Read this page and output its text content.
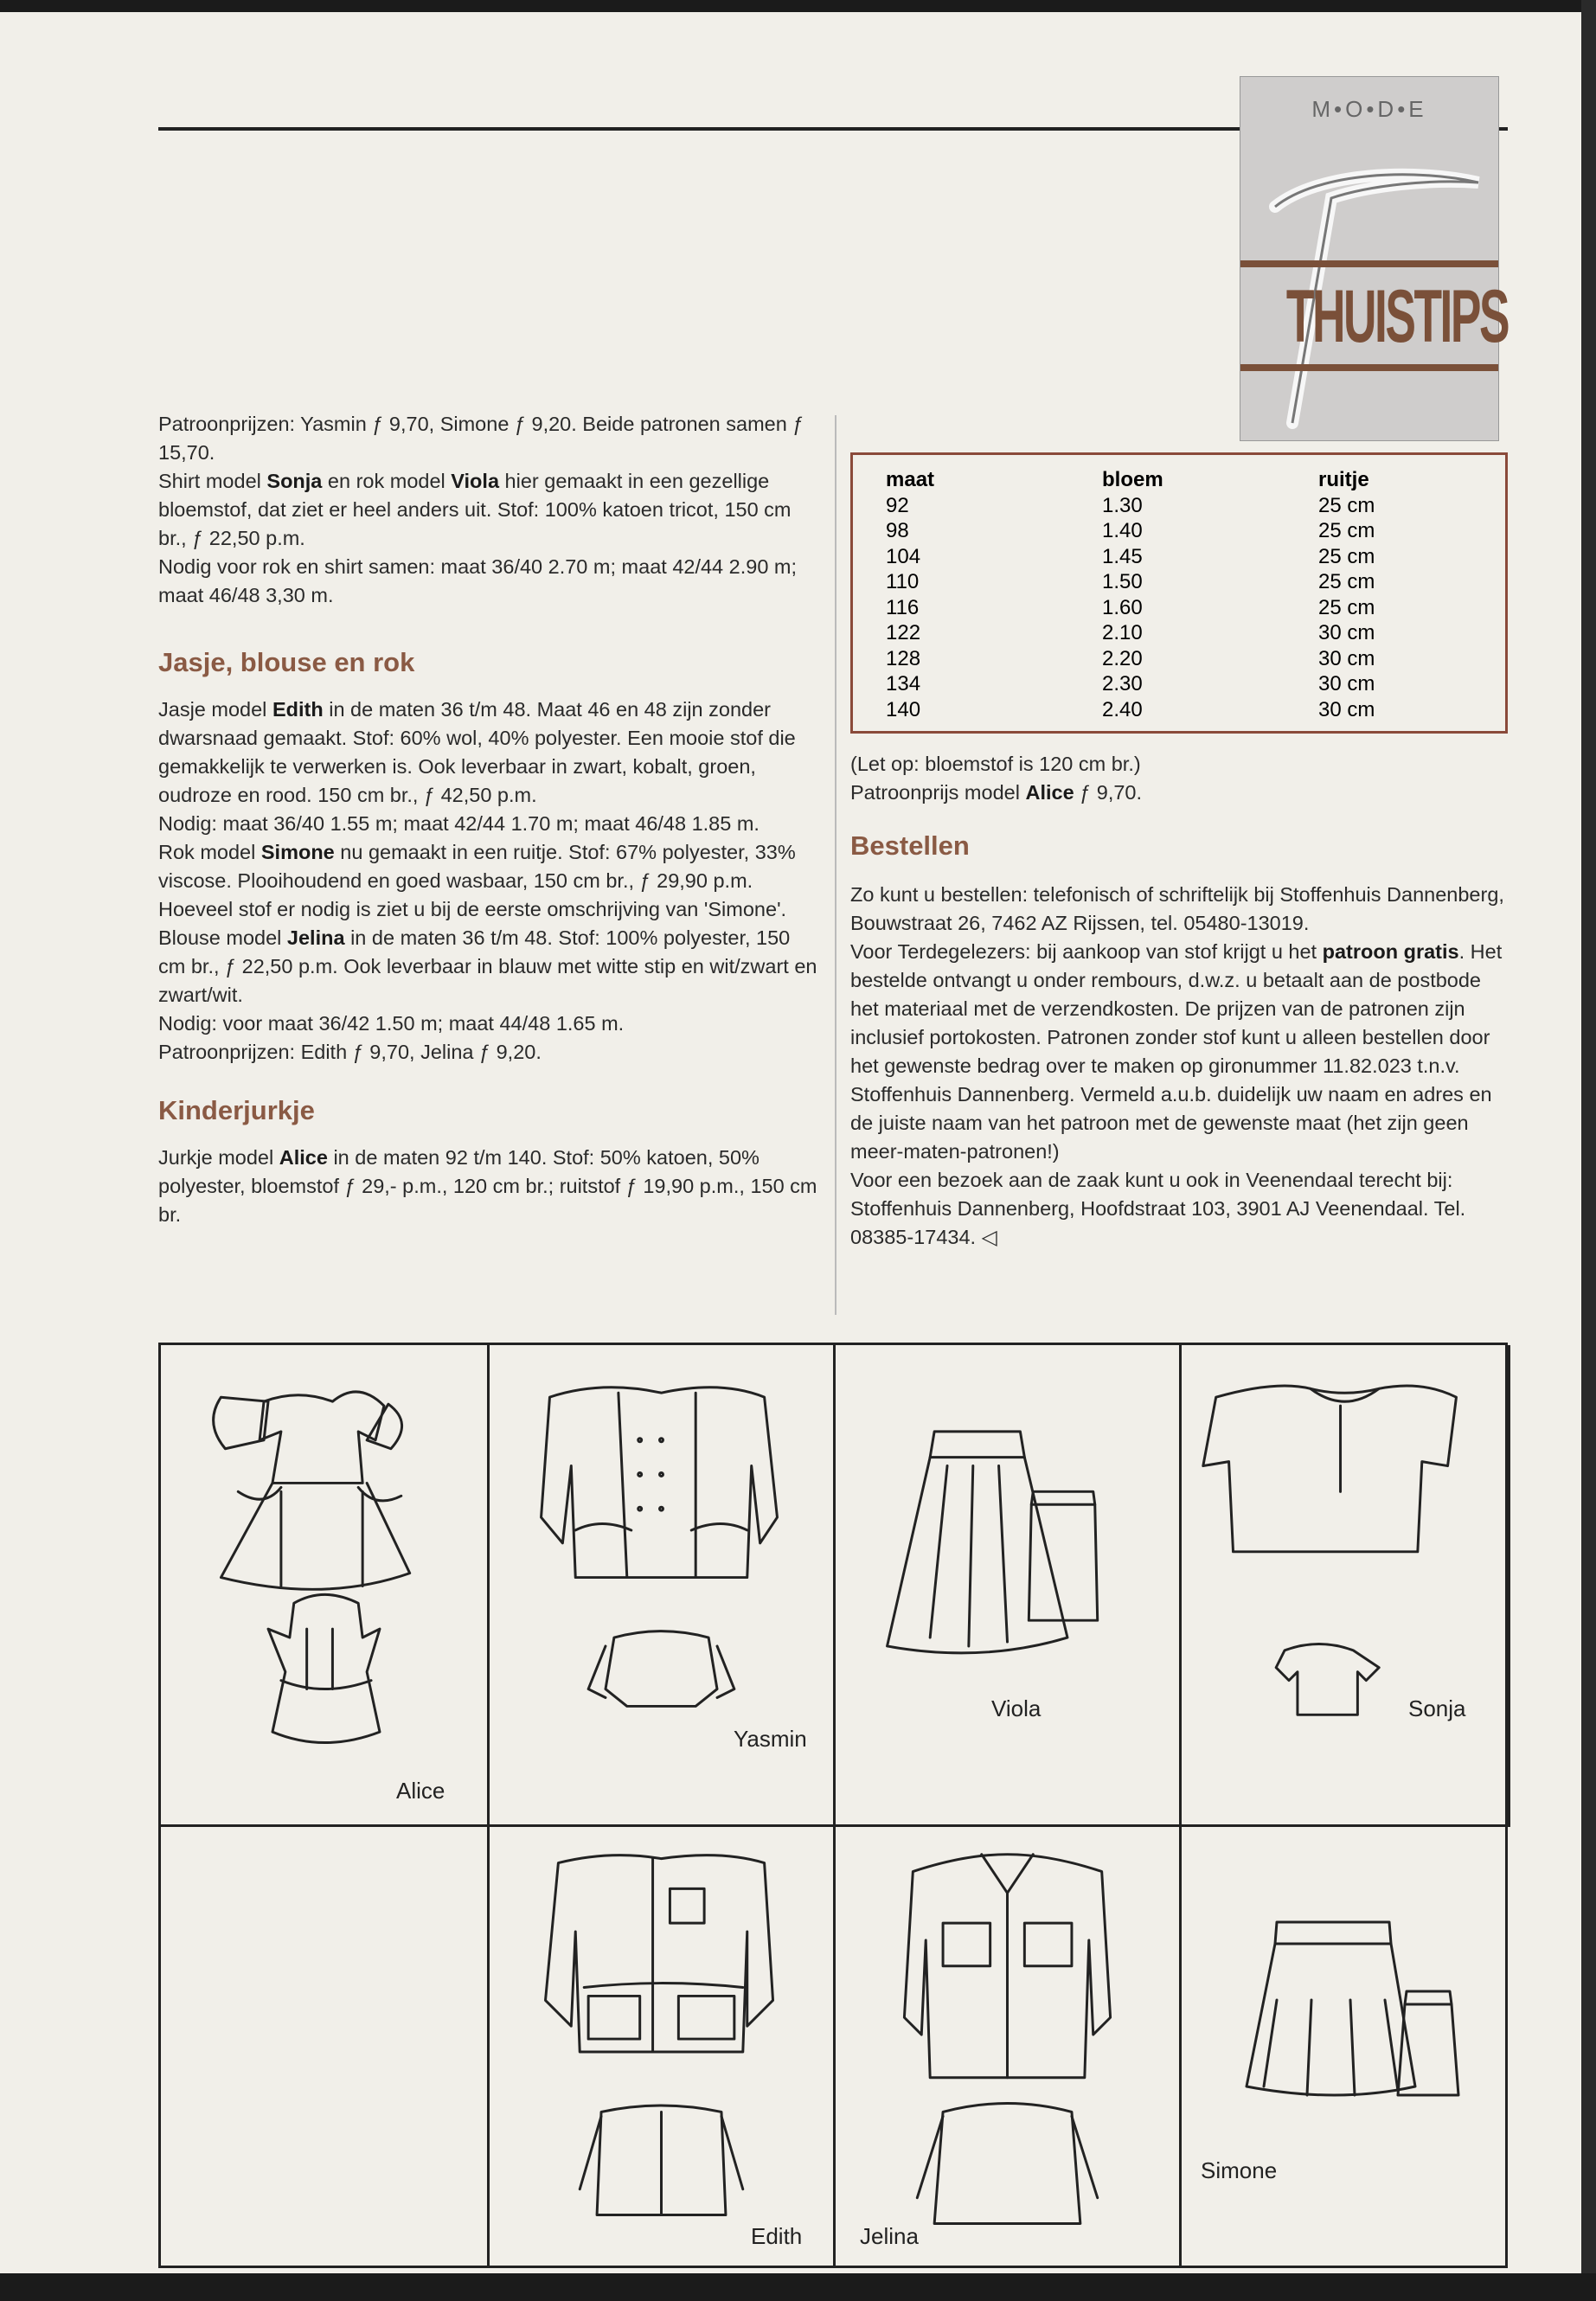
M•O•D•E
THUISTIPS

Patroonprijzen: Yasmin ƒ 9,70, Simone ƒ 9,20. Beide patronen samen ƒ 15,70.

Shirt model Sonja en rok model Viola hier gemaakt in een gezellige bloemstof, dat ziet er heel anders uit. Stof: 100% katoen tricot, 150 cm br., ƒ 22,50 p.m.

Nodig voor rok en shirt samen: maat 36/40 2.70 m; maat 42/44 2.90 m; maat 46/48 3,30 m.

Jasje, blouse en rok

Jasje model Edith in de maten 36 t/m 48. Maat 46 en 48 zijn zonder dwarsnaad gemaakt. Stof: 60% wol, 40% polyester. Een mooie stof die gemakkelijk te verwerken is. Ook leverbaar in zwart, kobalt, groen, oudroze en rood. 150 cm br., ƒ 42,50 p.m.

Nodig: maat 36/40 1.55 m; maat 42/44 1.70 m; maat 46/48 1.85 m.

Rok model Simone nu gemaakt in een ruitje. Stof: 67% polyester, 33% viscose. Plooihoudend en goed wasbaar, 150 cm br., ƒ 29,90 p.m. Hoeveel stof er nodig is ziet u bij de eerste omschrijving van 'Simone'.

Blouse model Jelina in de maten 36 t/m 48. Stof: 100% polyester, 150 cm br., ƒ 22,50 p.m. Ook leverbaar in blauw met witte stip en wit/zwart en zwart/wit.

Nodig: voor maat 36/42 1.50 m; maat 44/48 1.65 m.

Patroonprijzen: Edith ƒ 9,70, Jelina ƒ 9,20.

Kinderjurkje

Jurkje model Alice in de maten 92 t/m 140. Stof: 50% katoen, 50% polyester, bloemstof ƒ 29,- p.m., 120 cm br.; ruitstof ƒ 19,90 p.m., 150 cm br.

maat	bloem	ruitje
92	1.30	25 cm
98	1.40	25 cm
104	1.45	25 cm
110	1.50	25 cm
116	1.60	25 cm
122	2.10	30 cm
128	2.20	30 cm
134	2.30	30 cm
140	2.40	30 cm

(Let op: bloemstof is 120 cm br.)

Patroonprijs model Alice ƒ 9,70.

Bestellen

Zo kunt u bestellen: telefonisch of schriftelijk bij Stoffenhuis Dannenberg, Bouwstraat 26, 7462 AZ Rijssen, tel. 05480-13019.

Voor Terdegelezers: bij aankoop van stof krijgt u het patroon gratis. Het bestelde ontvangt u onder rembours, d.w.z. u betaalt aan de postbode het materiaal met de verzendkosten. De prijzen van de patronen zijn inclusief portokosten. Patronen zonder stof kunt u alleen bestellen door het gewenste bedrag over te maken op gironummer 11.82.023 t.n.v. Stoffenhuis Dannenberg. Vermeld a.u.b. duidelijk uw naam en adres en de juiste naam van het patroon met de gewenste maat (het zijn geen meer-maten-patronen!)

Voor een bezoek aan de zaak kunt u ook in Veenendaal terecht bij: Stoffenhuis Dannenberg, Hoofdstraat 103, 3901 AJ Veenendaal. Tel. 08385-17434. ◁

Alice
Yasmin
Viola	Sonja
Edith	Jelina
Simone
